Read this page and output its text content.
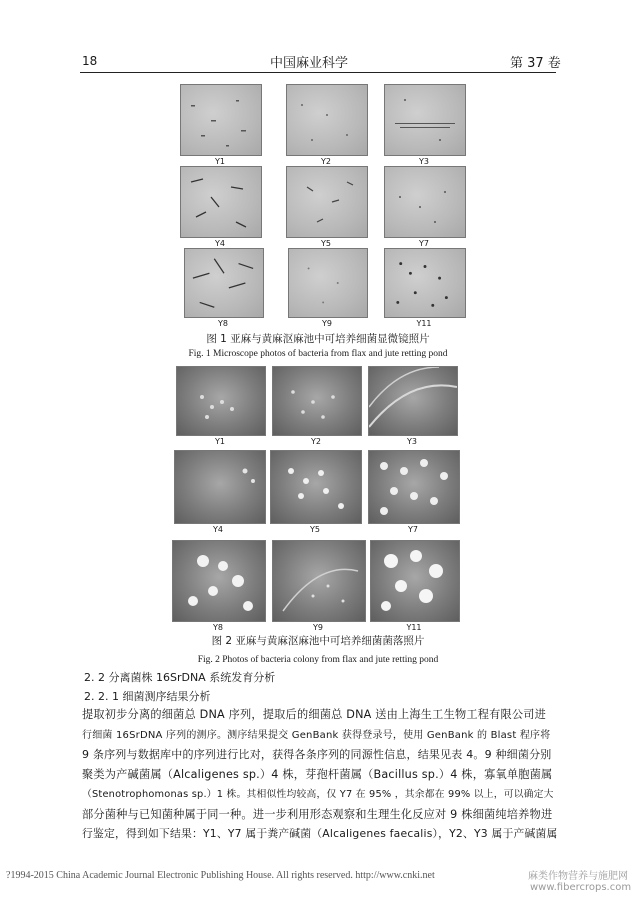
18	中国麻业科学	第 37 卷
Y1	Y2	Y3
Y4	Y5	Y7
Y8	Y9	Y11
图 1 亚麻与黄麻沤麻池中可培养细菌显微镜照片
Fig. 1 Microscope photos of bacteria from flax and jute retting pond
Y1	Y2	Y3
Y4	Y5	Y7
Y8	Y9	Y11
图 2 亚麻与黄麻沤麻池中可培养细菌菌落照片
Fig. 2 Photos of bacteria colony from flax and jute retting pond
2. 2 分离菌株 16SrDNA 系统发育分析
2. 2. 1 细菌测序结果分析
提取初步分离的细菌总 DNA 序列，提取后的细菌总 DNA 送由上海生工生物工程有限公司进
行细菌 16SrDNA 序列的测序。测序结果提交 GenBank 获得登录号，使用 GenBank 的 Blast 程序将
9 条序列与数据库中的序列进行比对，获得各条序列的同源性信息，结果见表 4。9 种细菌分别
聚类为产碱菌属（Alcaligenes sp.）4 株，芽孢杆菌属（Bacillus sp.）4 株，寡氧单胞菌属
（Stenotrophomonas sp.）1 株。其相似性均较高，仅 Y7 在 95% ，其余都在 99% 以上，可以确定大
部分菌种与已知菌种属于同一种。进一步利用形态观察和生理生化反应对 9 株细菌纯培养物进
行鉴定，得到如下结果：Y1、Y7 属于粪产碱菌（Alcaligenes faecalis），Y2、Y3 属于产碱菌属
?1994-2015 China Academic Journal Electronic Publishing House. All rights reserved. http://www.cnki.net	麻类作物营养与施肥网
www.fibercrops.com
